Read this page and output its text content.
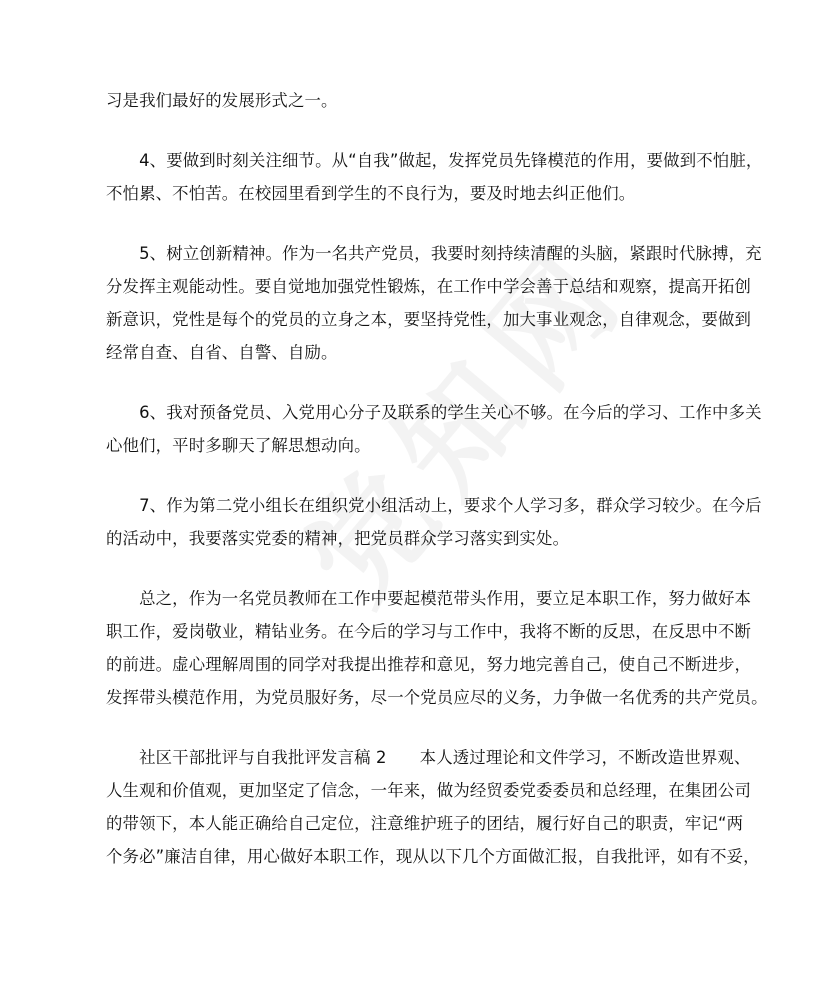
习是我们最好的发展形式之一。
　　4、要做到时刻关注细节。从“自我”做起，发挥党员先锋模范的作用，要做到不怕脏，
不怕累、不怕苦。在校园里看到学生的不良行为，要及时地去纠正他们。
　　5、树立创新精神。作为一名共产党员，我要时刻持续清醒的头脑，紧跟时代脉搏，充
分发挥主观能动性。要自觉地加强党性锻炼，在工作中学会善于总结和观察，提高开拓创
新意识，党性是每个的党员的立身之本，要坚持党性，加大事业观念，自律观念，要做到
经常自查、自省、自警、自励。
　　6、我对预备党员、入党用心分子及联系的学生关心不够。在今后的学习、工作中多关
心他们，平时多聊天了解思想动向。
　　7、作为第二党小组长在组织党小组活动上，要求个人学习多，群众学习较少。在今后
的活动中，我要落实党委的精神，把党员群众学习落实到实处。
　　总之，作为一名党员教师在工作中要起模范带头作用，要立足本职工作，努力做好本
职工作，爱岗敬业，精钻业务。在今后的学习与工作中，我将不断的反思，在反思中不断
的前进。虚心理解周围的同学对我提出推荐和意见，努力地完善自己，使自己不断进步，
发挥带头模范作用，为党员服好务，尽一个党员应尽的义务，力争做一名优秀的共产党员。
　　社区干部批评与自我批评发言稿 2　　本人透过理论和文件学习，不断改造世界观、
人生观和价值观，更加坚定了信念，一年来，做为经贸委党委委员和总经理，在集团公司
的带领下，本人能正确给自己定位，注意维护班子的团结，履行好自己的职责，牢记“两
个务必”廉洁自律，用心做好本职工作，现从以下几个方面做汇报，自我批评，如有不妥，
